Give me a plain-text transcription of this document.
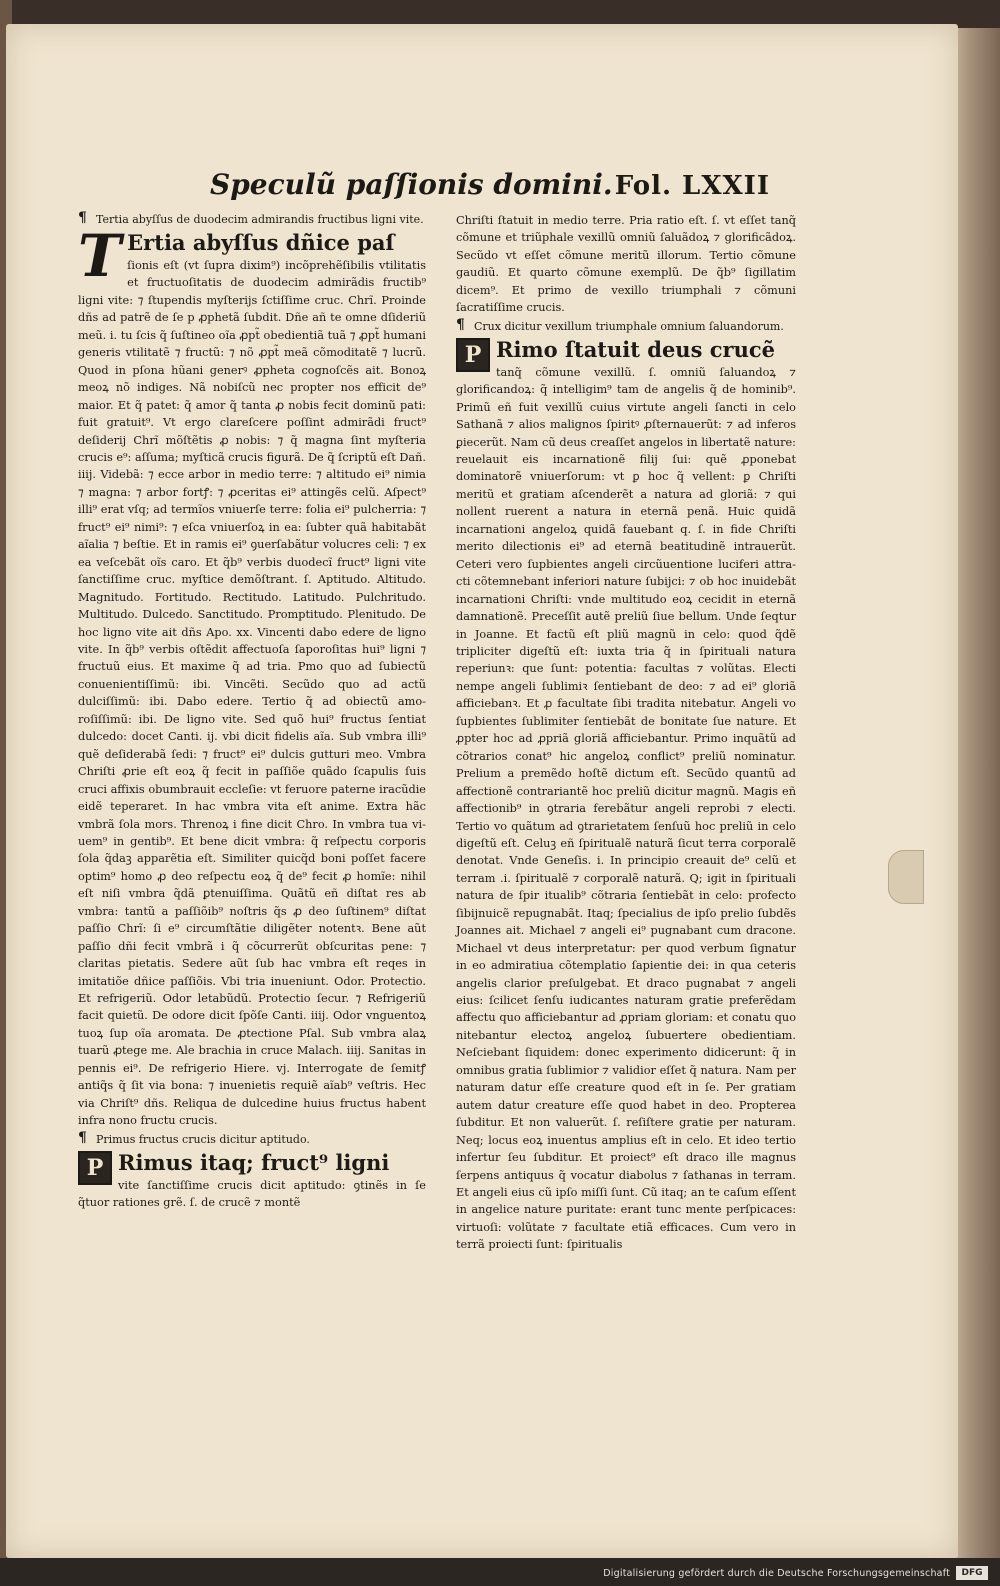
Speculũ paſſionis domini. Fol. LXXII

¶ Tertia abyſſus de duodecim admirandis fructibus ligni vite.

T Ertia abyſſus dñice paſ

ſionis eſt (vt ſupra dixim⁹) incõprehẽſibilis vtilitatis et fructuoſitatis de duodecim admirãdis fructib⁹ ligni vite: ⁊ ſtupendis myſterijs ſctiſſime cruc. Chrĩ. Proinde dñs ad patrẽ de ſe p ꝓphetã ſubdit. Dñe añ te omne dſideriũ meũ. i. tu ſcis q̃ ſuſtineo oĩa ꝓpt̃ obedientiã tuã ⁊ ꝓpt̃ humani generis vtilitatẽ ⁊ fructũ: ⁊ nõ ꝓpt̃ meã cõmoditatẽ ⁊ lucrũ. Quod in pſona hũani generꝰ ꝓpheta cognoſcẽs ait. Bonoꝝ meoꝝ nõ indiges. Nã nobiſcũ nec propter nos efficit de⁹ maior. Et q̃ patet: q̃ amor q̃ tanta ꝓ nobis fecit dominũ pati: fuit gratuit⁹. Vt ergo clareſcere poſſint admirãdi fruct⁹ deſiderij Chrĩ mõſtẽtis ꝓ nobis: ⁊ q̃ magna ſint myſteria crucis e⁹: aſſuma; myſticã crucis figurã. De q̃ ſcriptũ eſt Dañ. iiij. Videbã: ⁊ ecce arbor in medio terre: ⁊ altitudo ei⁹ nimia ⁊ magna: ⁊ arbor fortꝭ: ⁊ ꝓceritas ei⁹ attingẽs celũ. Aſpect⁹ illi⁹ erat vſq; ad termĩos vniuerſe terre: folia ei⁹ pulcherria: ⁊ fruct⁹ ei⁹ nimi⁹: ⁊ eſca vniuerſoꝝ in ea: ſubter quã habitabãt aĩalia ⁊ beſtie. Et in ramis ei⁹ ꝯuerſabãtur volucres celi: ⁊ ex ea veſcebãt oĩs caro. Et q̃b⁹ verbis duodecĩ fruct⁹ ligni vite ſanctiſſime cruc. myſtice demõſtrant. ſ. Aptitudo. Altitudo. Magnitudo. Fortitudo. Rectitudo. Latitudo. Pulchritudo. Multitudo. Dulcedo. Sanctitudo. Promptitudo. Plenitudo. De hoc ligno vite ait dñs Apo. xx. Vincenti dabo edere de ligno vite. In q̃b⁹ verbis oſtẽdit affectuoſa ſaporoſitas hui⁹ ligni ⁊ fructuũ eius. Et maxime q̃ ad tria. Pmo quo ad ſubiectũ conuenientiſſimũ: ibi. Vincẽti. Secũdo quo ad actũ dulciſſimũ: ibi. Dabo edere. Tertio q̃ ad obiectũ amoroſiſſimũ: ibi. De ligno vite. Sed quõ hui⁹ fructus ſentiat dulcedo: docet Canti. ij. vbi dicit fidelis aĩa. Sub vmbra illi⁹ quẽ deſiderabã ſedi: ⁊ fruct⁹ ei⁹ dulcis gutturi meo. Vmbra Chriſti ꝓrie eſt eoꝝ q̃ fecit in paſſiõe quãdo ſcapulis ſuis cruci affixis obumbrauit eccleſie: vt feruore paterne iracũdie eidẽ teperaret. In hac vmbra vita eſt anime. Extra hãc vmbrã ſola mors. Threnoꝝ i fine dicit Chro. In vmbra tua viuem⁹ in gentib⁹. Et bene dicit vmbra: q̃ reſpectu corporis ſola q̃daꝫ apparẽtia eſt. Similiter quicq̃d boni poſſet facere optim⁹ homo ꝓ deo reſpectu eoꝝ q̃ de⁹ fecit ꝓ homĩe: nihil eſt niſi vmbra q̃dã ꝑtenuiſſima. Quãtũ eñ diſtat res ab vmbra: tantũ a paſſiõib⁹ noſtris q̃s ꝓ deo ſuſtinem⁹ diſtat paſſio Chrĩ: ſi e⁹ circumſtãtie diligẽter notentꝛ. Bene aũt paſſio dñi fecit vmbrã i q̃ cõcurrerũt obſcuritas pene: ⁊ claritas pietatis. Sedere aũt ſub hac vmbra eſt reqes in imitatiõe dñice paſſiõis. Vbi tria inueniunt. Odor. Protectio. Et refrigeriũ. Odor letabũdũ. Protectio ſecur. ⁊ Refrigeriũ facit quietũ. De odore dicit ſpõſe Canti. iiij. Odor vnguentoꝝ tuoꝝ ſup oĩa aromata. De ꝓtectione Pſal. Sub vmbra alaꝝ tuarũ ꝓtege me. Ale brachia in cruce Malach. iiij. Sanitas in pennis ei⁹. De refrigerio Hiere. vj. Interrogate de ſemitꝭ antiq̃s q̃ ſit via bona: ⁊ inuenietis requiẽ aĩab⁹ veſtris. Hec via Chriſt⁹ dñs. Reliqua de dulcedine huius fructus habent infra nono fructu crucis.

¶ Primus fructus crucis dicitur aptitudo.

P Rimus itaq; fruct⁹ ligni

vite ſanctiſſime crucis dicit aptitudo: ꝯtinẽs in ſe q̃tuor rationes grẽ. ſ. de crucẽ ⁊ montẽ

Chriſti ſtatuit in medio terre. Pria ratio eſt. ſ. vt eſſet tanq̃ cõmune et triũphale vexillũ omniũ ſaluãdoꝝ ⁊ glorificãdoꝝ. Secũdo vt eſſet cõmune meritũ illorum. Tertio cõmune gaudiũ. Et quarto cõmune exemplũ. De q̃b⁹ ſigillatim dicem⁹. Et primo de vexillo triumphali ⁊ cõmuni ſacratiſſime crucis.

¶ Crux dicitur vexillum triumphale omnium ſaluandorum.

P Rimo ſtatuit deus crucẽ

tanq̃ cõmune vexillũ. ſ. omniũ ſaluandoꝝ ⁊ glorificandoꝝ: q̃ intelligim⁹ tam de angelis q̃ de hominib⁹. Primũ eñ fuit vexillũ cuius virtute angeli ſancti in celo Sathanã ⁊ alios malignos ſpiritꝰ ꝓſternauerũt: ⁊ ad inferos ꝑiecerũt. Nam cũ deus creaſſet angelos in libertatẽ nature: reuelauit eis incarnationẽ filij ſui: quẽ ꝓponebat dominatorẽ vniuerſorum: vt ꝑ hoc q̃ vellent: ꝑ Chriſti meritũ et gratiam aſcenderẽt a natura ad gloriã: ⁊ qui nollent ruerent a natura in eternã penã. Huic quidã incarnationi angeloꝝ quidã fauebant q. ſ. in fide Chriſti merito dilectionis ei⁹ ad eternã beatitudinẽ intrauerũt. Ceteri vero ſupbientes angeli circũuentione luciferi attracti cõtemnebant inferiori nature ſubijci: ⁊ ob hoc inuidebãt incarnationi Chriſti: vnde multitudo eoꝝ cecidit in eternã damnationẽ. Preceſſit autẽ preliũ ſiue bellum. Unde ſeqtur in Joanne. Et factũ eſt pliũ magnũ in celo: quod q̃dẽ tripliciter digeſtũ eſt: iuxta tria q̃ in ſpirituali natura reperiunꝛ: que ſunt: potentia: facultas ⁊ volũtas. Electi nempe angeli ſublimiꝛ ſentiebant de deo: ⁊ ad ei⁹ gloriã afficiebanꝛ. Et ꝓ facultate ſibi tradita nitebatur. Angeli vo ſupbientes ſublimiter ſentiebãt de bonitate ſue nature. Et ꝓpter hoc ad ꝓpriã gloriã afficiebantur. Primo inquãtũ ad cõtrarios conat⁹ hic angeloꝝ conflict⁹ preliũ nominatur. Prelium a premẽdo hoſtẽ dictum eſt. Secũdo quantũ ad affectionẽ contrariantẽ hoc preliũ dicitur magnũ. Magis eñ affectionib⁹ in ꝯtraria ferebãtur angeli reprobi ⁊ electi. Tertio vo quãtum ad ꝯtrarietatem ſenſuũ hoc preliũ in celo digeſtũ eſt. Celuꝫ eñ ſpiritualẽ naturã ſicut terra corporalẽ denotat. Vnde Geneſis. i. In principio creauit de⁹ celũ et terram .i. ſpiritualẽ ⁊ corporalẽ naturã. Q; igit in ſpirituali natura de ſpir itualib⁹ cõtraria ſentiebãt in celo: profecto ſibijnuicẽ repugnabãt. Itaq; ſpecialius de ipſo prelio ſubdẽs Joannes ait. Michael ⁊ angeli ei⁹ pugnabant cum dracone. Michael vt deus interpretatur: per quod verbum ſignatur in eo admiratiua cõtemplatio ſapientie dei: in qua ceteris angelis clarior preſulgebat. Et draco pugnabat ⁊ angeli eius: ſcilicet ſenſu iudicantes naturam gratie preferẽdam affectu quo afficiebantur ad ꝓpriam gloriam: et conatu quo nitebantur electoꝝ angeloꝝ ſubuertere obedientiam. Neſciebant ſiquidem: donec experimento didicerunt: q̃ in omnibus gratia ſublimior ⁊ validior eſſet q̃ natura. Nam per naturam datur eſſe creature quod eſt in ſe. Per gratiam autem datur creature eſſe quod habet in deo. Propterea ſubditur. Et non valuerũt. ſ. reſiſtere gratie per naturam. Neq; locus eoꝝ inuentus amplius eſt in celo. Et ideo tertio infertur ſeu ſubditur. Et proiect⁹ eſt draco ille magnus ſerpens antiquus q̃ vocatur diabolus ⁊ ſathanas in terram. Et angeli eius cũ ipſo miſſi ſunt. Cũ itaq; an te caſum eſſent in angelice nature puritate: erant tunc mente perſpicaces: virtuoſi: volũtate ⁊ facultate etiã efficaces. Cum vero in terrã proiecti ſunt: ſpiritualis

Digitalisierung gefördert durch die Deutsche Forschungsgemeinschaft	DFG
